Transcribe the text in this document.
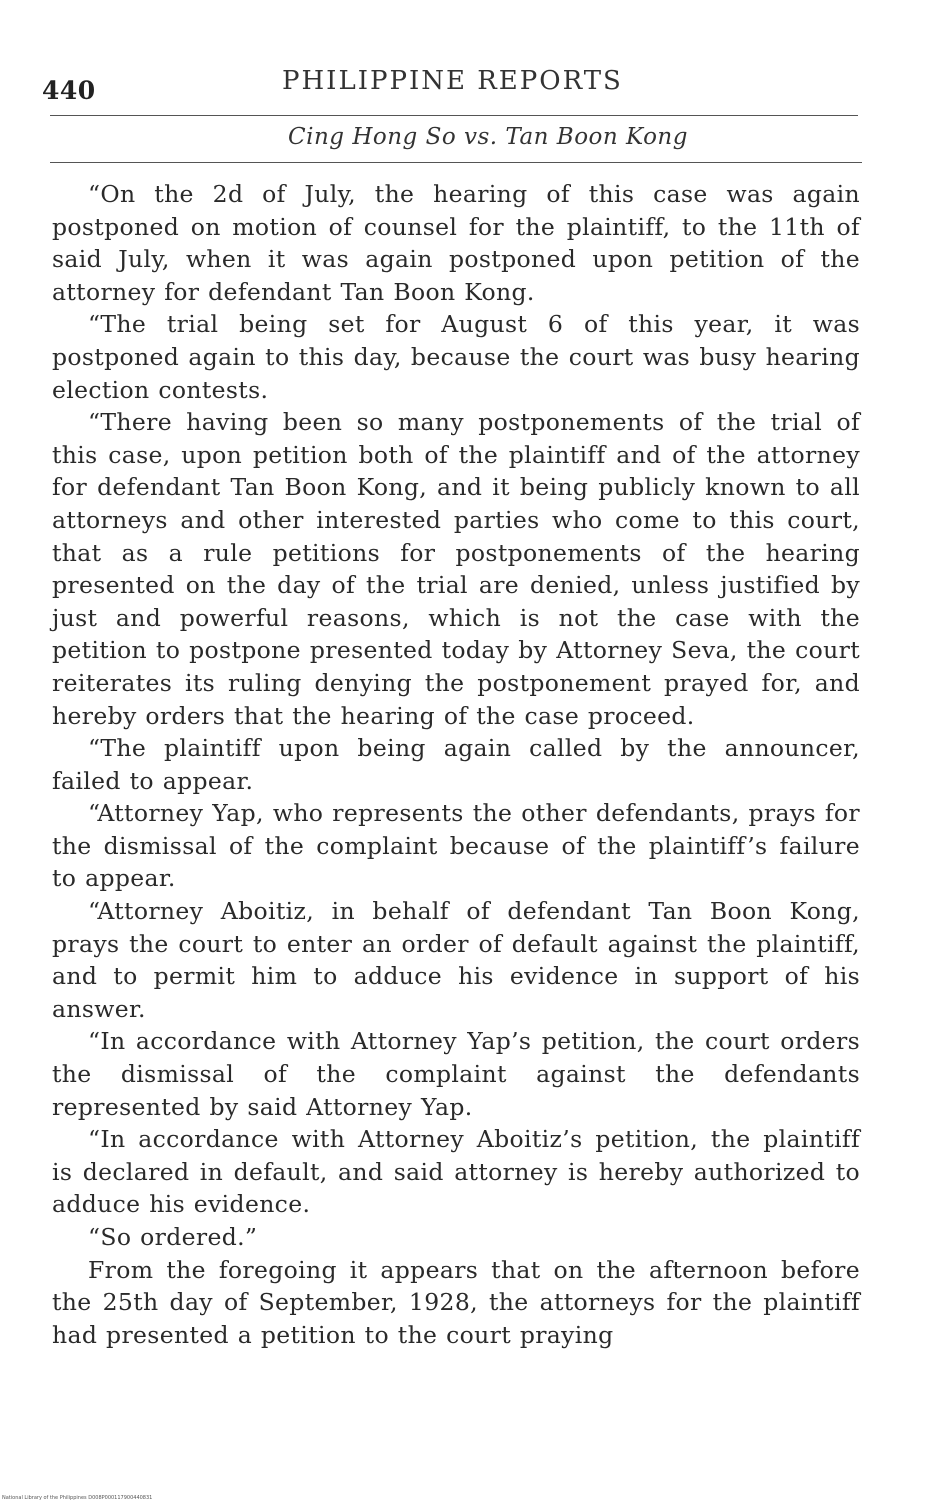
440	PHILIPPINE REPORTS
Cing Hong So vs. Tan Boon Kong

“On the 2d of July, the hearing of this case was again postponed on motion of counsel for the plaintiff, to the 11th of said July, when it was again postponed upon petition of the attorney for defendant Tan Boon Kong.

“The trial being set for August 6 of this year, it was postponed again to this day, because the court was busy hearing election contests.

“There having been so many postponements of the trial of this case, upon petition both of the plaintiff and of the attorney for defendant Tan Boon Kong, and it being publicly known to all attorneys and other interested parties who come to this court, that as a rule petitions for postponements of the hearing presented on the day of the trial are denied, unless justified by just and powerful reasons, which is not the case with the petition to postpone presented today by Attorney Seva, the court reiterates its ruling denying the postponement prayed for, and hereby orders that the hearing of the case proceed.

“The plaintiff upon being again called by the announcer, failed to appear.

“Attorney Yap, who represents the other defendants, prays for the dismissal of the complaint because of the plaintiff’s failure to appear.

“Attorney Aboitiz, in behalf of defendant Tan Boon Kong, prays the court to enter an order of default against the plaintiff, and to permit him to adduce his evidence in support of his answer.

“In accordance with Attorney Yap’s petition, the court orders the dismissal of the complaint against the defendants represented by said Attorney Yap.

“In accordance with Attorney Aboitiz’s petition, the plaintiff is declared in default, and said attorney is hereby authorized to adduce his evidence.

“So ordered.”

From the foregoing it appears that on the afternoon before the 25th day of September, 1928, the attorneys for the plaintiff had presented a petition to the court praying

National Library of the Philippines D008P000117900440831
